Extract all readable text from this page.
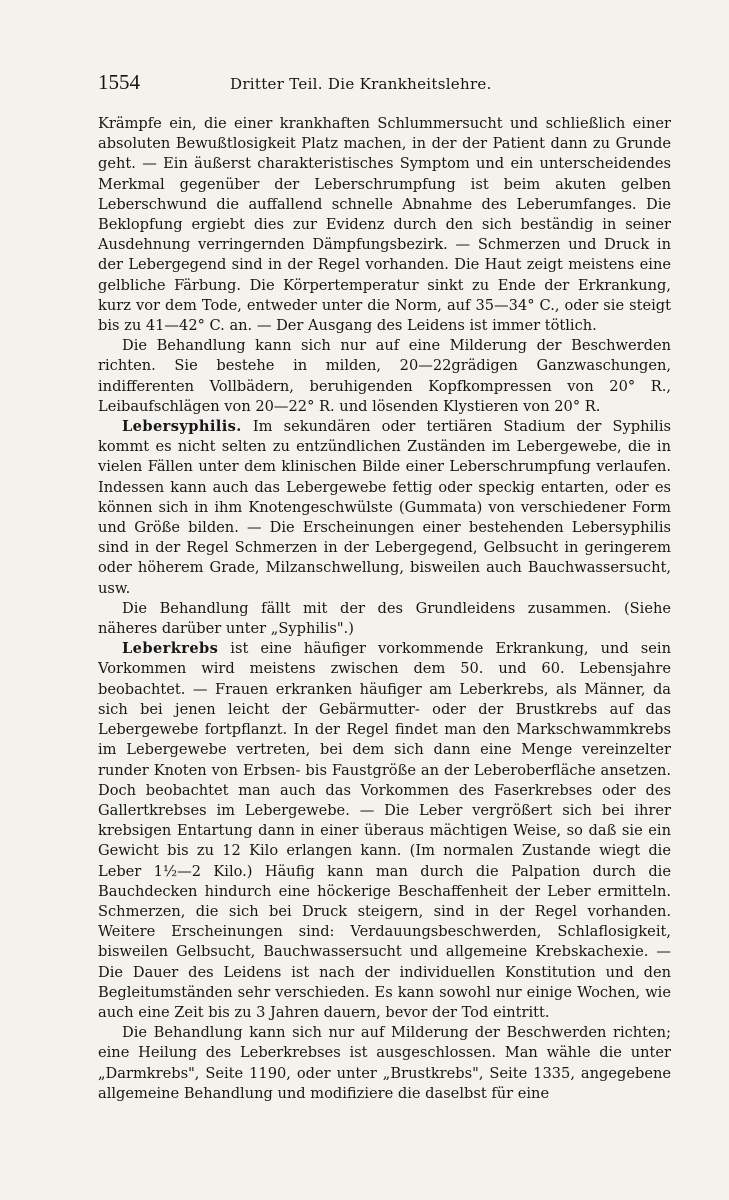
1554	Dritter Teil. Die Krankheitslehre.

Krämpfe ein, die einer krankhaften Schlummersucht und schließlich einer absoluten Bewußtlosigkeit Platz machen, in der der Patient dann zu Grunde geht. — Ein äußerst charakteristisches Symptom und ein unterscheidendes Merkmal gegenüber der Leberschrumpfung ist beim akuten gelben Leberschwund die auffallend schnelle Abnahme des Leberumfanges. Die Beklopfung ergiebt dies zur Evidenz durch den sich beständig in seiner Ausdehnung verringernden Dämpfungsbezirk. — Schmerzen und Druck in der Lebergegend sind in der Regel vorhanden. Die Haut zeigt meistens eine gelbliche Färbung. Die Körpertemperatur sinkt zu Ende der Erkrankung, kurz vor dem Tode, entweder unter die Norm, auf 35—34° C., oder sie steigt bis zu 41—42° C. an. — Der Ausgang des Leidens ist immer tötlich.

Die Behandlung kann sich nur auf eine Milderung der Beschwerden richten. Sie bestehe in milden, 20—22grädigen Ganzwaschungen, indifferenten Vollbädern, beruhigenden Kopfkompressen von 20° R., Leibaufschlägen von 20—22° R. und lösenden Klystieren von 20° R.

Lebersyphilis. Im sekundären oder tertiären Stadium der Syphilis kommt es nicht selten zu entzündlichen Zuständen im Lebergewebe, die in vielen Fällen unter dem klinischen Bilde einer Leberschrumpfung verlaufen. Indessen kann auch das Lebergewebe fettig oder speckig entarten, oder es können sich in ihm Knotengeschwülste (Gummata) von verschiedener Form und Größe bilden. — Die Erscheinungen einer bestehenden Lebersyphilis sind in der Regel Schmerzen in der Lebergegend, Gelbsucht in geringerem oder höherem Grade, Milzanschwellung, bisweilen auch Bauchwassersucht, usw.

Die Behandlung fällt mit der des Grundleidens zusammen. (Siehe näheres darüber unter „Syphilis".)

Leberkrebs ist eine häufiger vorkommende Erkrankung, und sein Vorkommen wird meistens zwischen dem 50. und 60. Lebensjahre beobachtet. — Frauen erkranken häufiger am Leberkrebs, als Männer, da sich bei jenen leicht der Gebärmutter- oder der Brustkrebs auf das Lebergewebe fortpflanzt. In der Regel findet man den Markschwammkrebs im Lebergewebe vertreten, bei dem sich dann eine Menge vereinzelter runder Knoten von Erbsen- bis Faustgröße an der Leberoberfläche ansetzen. Doch beobachtet man auch das Vorkommen des Faserkrebses oder des Gallertkrebses im Lebergewebe. — Die Leber vergrößert sich bei ihrer krebsigen Entartung dann in einer überaus mächtigen Weise, so daß sie ein Gewicht bis zu 12 Kilo erlangen kann. (Im normalen Zustande wiegt die Leber 1½—2 Kilo.) Häufig kann man durch die Palpation durch die Bauchdecken hindurch eine höckerige Beschaffenheit der Leber ermitteln. Schmerzen, die sich bei Druck steigern, sind in der Regel vorhanden. Weitere Erscheinungen sind: Verdauungsbeschwerden, Schlaflosigkeit, bisweilen Gelbsucht, Bauchwassersucht und allgemeine Krebskachexie. — Die Dauer des Leidens ist nach der individuellen Konstitution und den Begleitumständen sehr verschieden. Es kann sowohl nur einige Wochen, wie auch eine Zeit bis zu 3 Jahren dauern, bevor der Tod eintritt.

Die Behandlung kann sich nur auf Milderung der Beschwerden richten; eine Heilung des Leberkrebses ist ausgeschlossen. Man wähle die unter „Darmkrebs", Seite 1190, oder unter „Brustkrebs", Seite 1335, angegebene allgemeine Behandlung und modifiziere die daselbst für eine
